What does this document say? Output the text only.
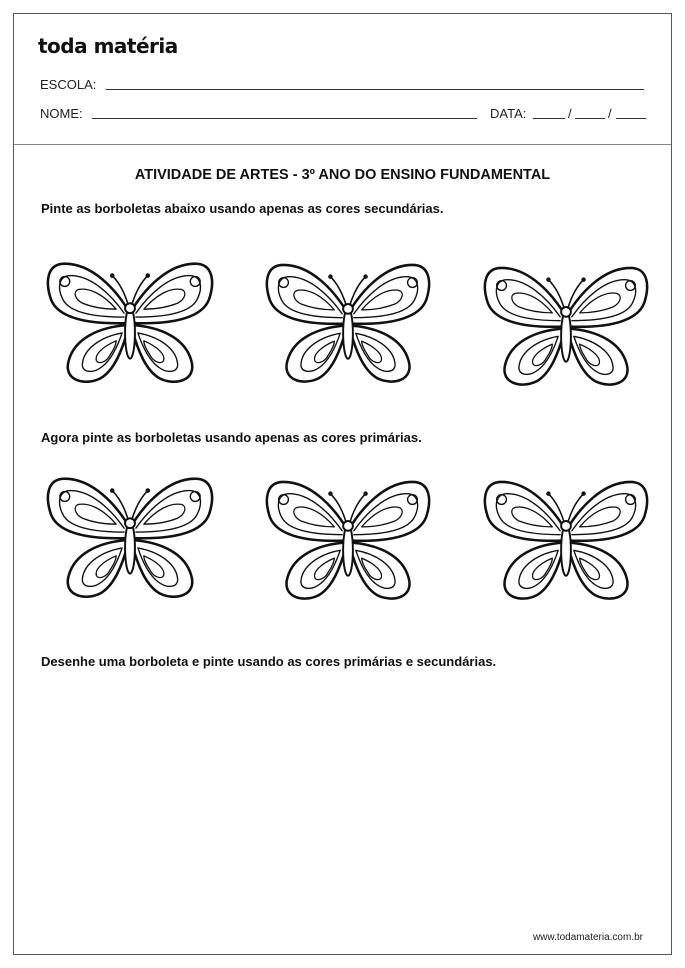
toda matéria
ESCOLA:
NOME:	DATA:	/	/
ATIVIDADE DE ARTES - 3º ANO DO ENSINO FUNDAMENTAL
Pinte as borboletas abaixo usando apenas as cores secundárias.
Agora pinte as borboletas usando apenas as cores primárias.
Desenhe uma borboleta e pinte usando as cores primárias e secundárias.
www.todamateria.com.br
